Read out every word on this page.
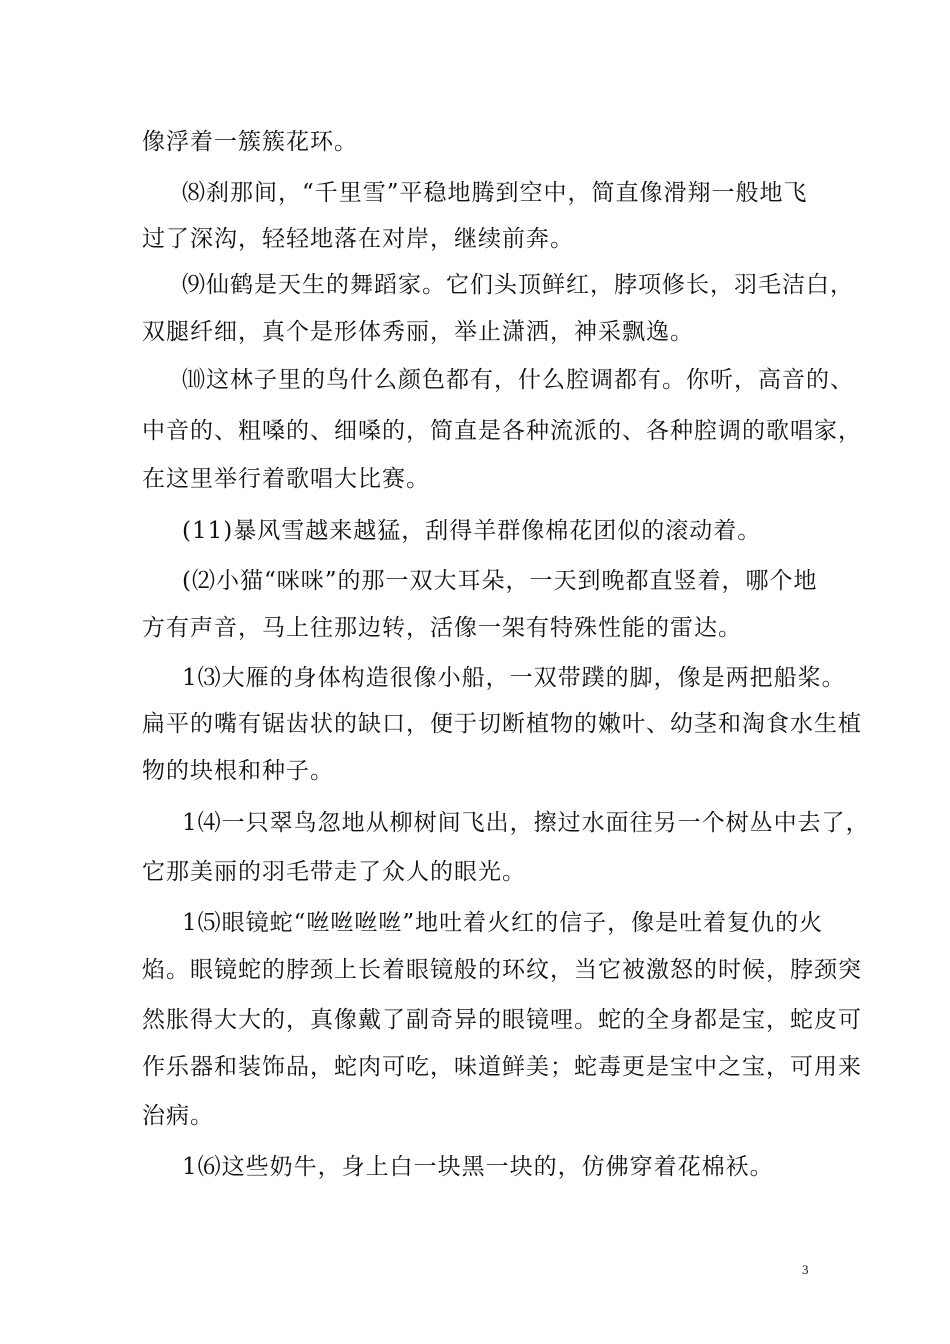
像浮着一簇簇花环。
⑻刹那间，“千里雪”平稳地腾到空中，简直像滑翔一般地飞
过了深沟，轻轻地落在对岸，继续前奔。
⑼仙鹤是天生的舞蹈家。它们头顶鲜红，脖项修长，羽毛洁白，
双腿纤细，真个是形体秀丽，举止潇洒，神采飘逸。
⑽这林子里的鸟什么颜色都有，什么腔调都有。你听，高音的、
中音的、粗嗓的、细嗓的，简直是各种流派的、各种腔调的歌唱家，
在这里举行着歌唱大比赛。
(11)暴风雪越来越猛，刮得羊群像棉花团似的滚动着。
(⑵小猫“咪咪”的那一双大耳朵，一天到晚都直竖着，哪个地
方有声音，马上往那边转，活像一架有特殊性能的雷达。
1⑶大雁的身体构造很像小船，一双带蹼的脚，像是两把船桨。
扁平的嘴有锯齿状的缺口，便于切断植物的嫩叶、幼茎和淘食水生植
物的块根和种子。
1⑷一只翠鸟忽地从柳树间飞出，擦过水面往另一个树丛中去了，
它那美丽的羽毛带走了众人的眼光。
1⑸眼镜蛇“咝咝咝咝”地吐着火红的信子，像是吐着复仇的火
焰。眼镜蛇的脖颈上长着眼镜般的环纹，当它被激怒的时候，脖颈突
然胀得大大的，真像戴了副奇异的眼镜哩。蛇的全身都是宝，蛇皮可
作乐器和装饰品，蛇肉可吃，味道鲜美；蛇毒更是宝中之宝，可用来
治病。
1⑹这些奶牛，身上白一块黑一块的，仿佛穿着花棉袄。
3
